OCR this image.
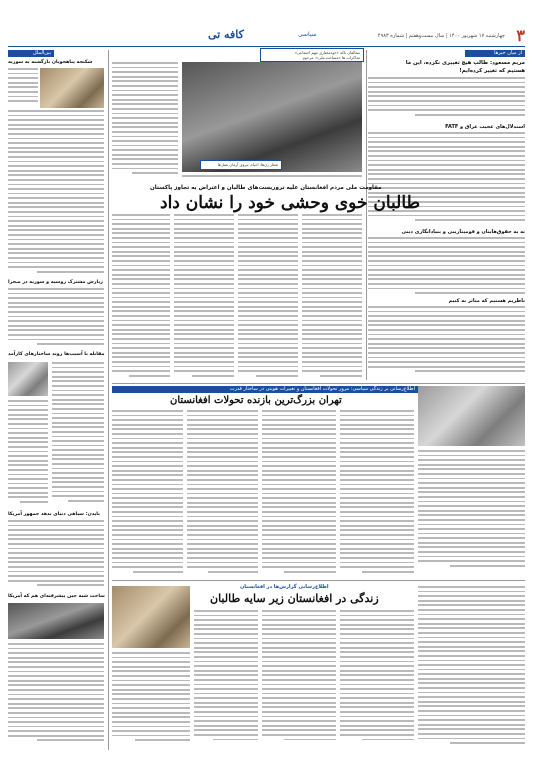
۳
چهارشنبه ۱۷ شهریور ۱۴۰۰ | سال بیست‌وهفتم | شماره ۴۹۸۳
کافه تی	سیاسی
از میان خبرها
مریم مسعود: طالب هیچ تغییری نکرده، این ما
هستیم که تغییر کرده‌ایم!
استدلال‌های عجیب عراق و FATF
نه به حقوق‌هایتان و قومیتاریبی و بنیادانگاری دینی
ناظریم هستیم که متاثر به کنیم
مخالفان تاکه «خودمختاری مهم اجتماعی»
مذاکرات ها «مساحت ملی»: مرحوم
شعار زن‌ها: احیاء، نیروی آرمان نسل‌ها
مقاومت ملی مردم افغانستان علیه تروریست‌های طالبان و اعتراض به تجاوز پاکستان
طالبان خوی وحشی خود را نشان داد
بین‌الملل
شکنجه پناهجویان بازگشته به سوریه
زیارش مشترک روسیه و سوریه در صحرا
مقابله با آسیب‌ها روند ساختارهای کارآمد
بایدن: سیاهی دنیای بدهد جمهور آمریکا
ساخت شبه جین پیشرفته‌ای هم که آمریکا
اطلاع‌رسانی بر زندگی سیاسی: مرور تحولات افغانستان و تغییرات هویتی در ساختار قدرت
تهران بزرگ‌ترین بازنده تحولات افغانستان
اطلاع‌رسانی گزارش‌ها در افغانستان
زندگی در افغانستان زیر سایه طالبان
